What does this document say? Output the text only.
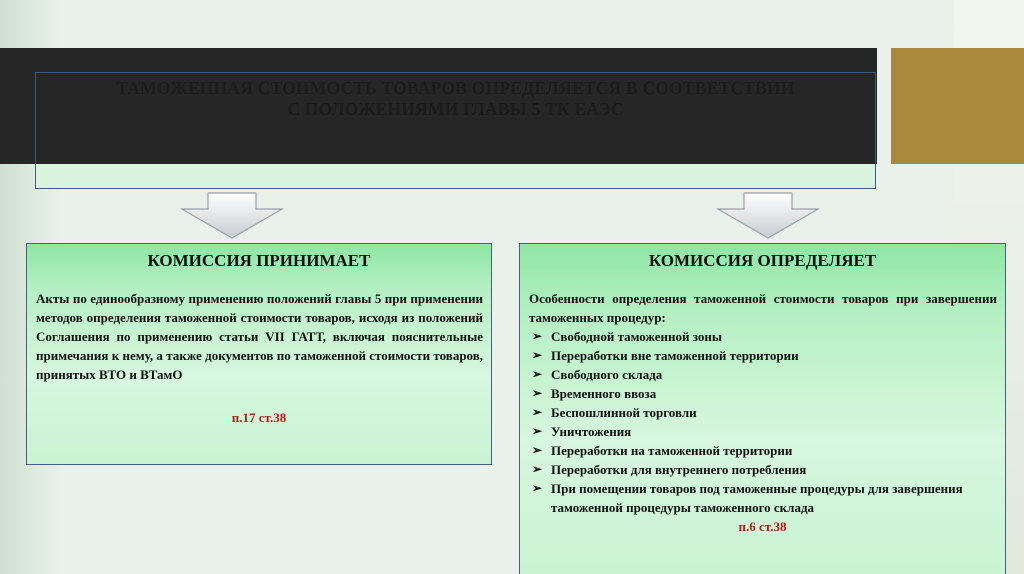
ТАМОЖЕННАЯ СТОИМОСТЬ ТОВАРОВ ОПРЕДЕЛЯЕТСЯ В СООТВЕТСТВИИ
С ПОЛОЖЕНИЯМИ ГЛАВЫ 5 ТК ЕАЭС
КОМИССИЯ ПРИНИМАЕТ
Акты по единообразному применению положений главы 5 при применении методов определения таможенной стоимости товаров, исходя из положений Соглашения по применению статьи VII ГАТТ, включая пояснительные примечания к нему, а также документов по таможенной стоимости товаров, принятых ВТО и ВТамО
п.17 ст.38
КОМИССИЯ ОПРЕДЕЛЯЕТ
Особенности определения таможенной стоимости товаров при завершении таможенных процедур:
➢ Свободной таможенной зоны
➢ Переработки вне таможенной территории
➢ Свободного склада
➢ Временного ввоза
➢ Беспошлинной торговли
➢ Уничтожения
➢ Переработки на таможенной территории
➢ Переработки для внутреннего потребления
➢ При помещении товаров под таможенные процедуры для завершения таможенной процедуры таможенного склада
п.6 ст.38
